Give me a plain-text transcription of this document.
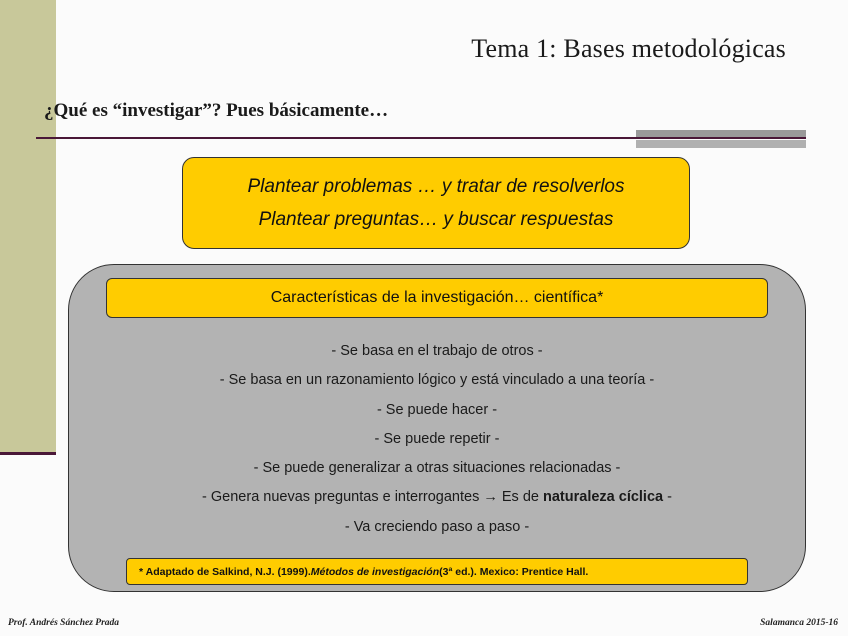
Tema 1: Bases metodológicas
¿Qué es “investigar”? Pues básicamente…
Plantear problemas … y tratar de resolverlos
Plantear preguntas… y buscar respuestas
Características de la investigación… científica*
- Se basa en el trabajo de otros -
- Se basa en un razonamiento lógico y está vinculado a una teoría -
- Se puede hacer -
- Se puede repetir -
- Se puede generalizar a otras situaciones relacionadas -
- Genera nuevas preguntas e interrogantes → Es de naturaleza cíclica -
- Va creciendo paso a paso -
* Adaptado de Salkind, N.J. (1999). Métodos de investigación (3ª ed.). Mexico: Prentice Hall.
Prof. Andrés Sánchez Prada	Salamanca 2015-16
